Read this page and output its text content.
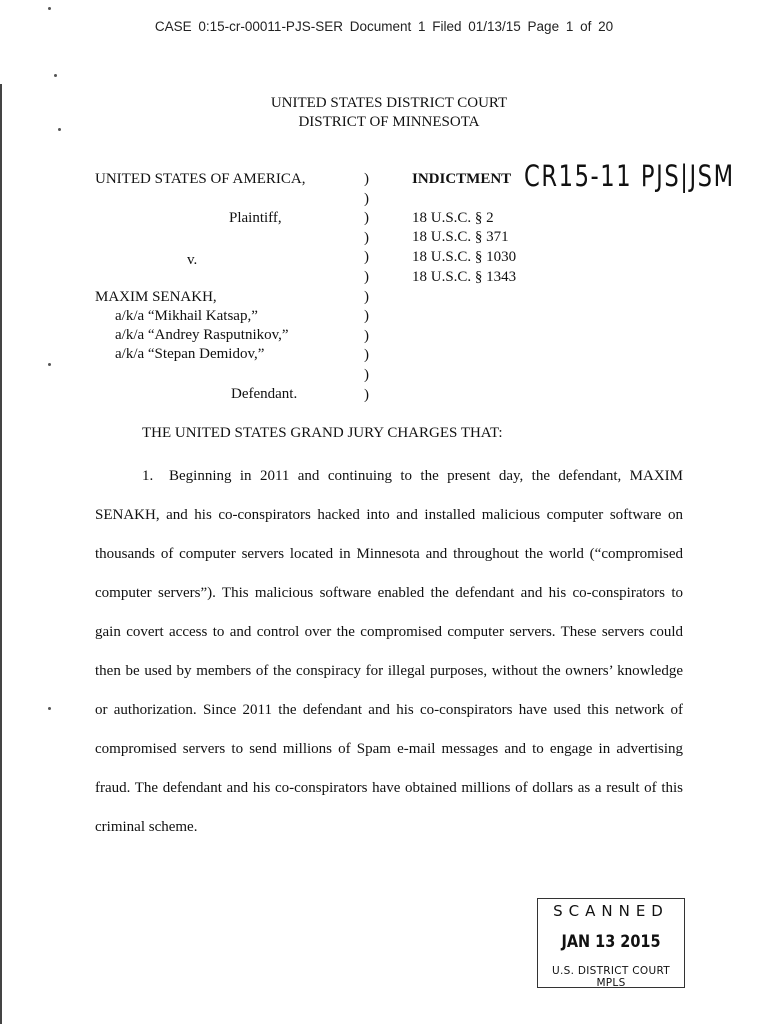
CASE 0:15-cr-00011-PJS-SER Document 1 Filed 01/13/15 Page 1 of 20
UNITED STATES DISTRICT COURT
DISTRICT OF MINNESOTA
UNITED STATES OF AMERICA,
Plaintiff,
v.
MAXIM SENAKH,
a/k/a “Mikhail Katsap,”
a/k/a “Andrey Rasputnikov,”
a/k/a “Stepan Demidov,”
Defendant.
)
)
)
)
)
)
)
)
)
)
)
)
INDICTMENT CR15-11 PJS|JSM
18 U.S.C. § 2
18 U.S.C. § 371
18 U.S.C. § 1030
18 U.S.C. § 1343
THE UNITED STATES GRAND JURY CHARGES THAT:
1. Beginning in 2011 and continuing to the present day, the defendant, MAXIM SENAKH, and his co-conspirators hacked into and installed malicious computer software on thousands of computer servers located in Minnesota and throughout the world (“compromised computer servers”). This malicious software enabled the defendant and his co-conspirators to gain covert access to and control over the compromised computer servers. These servers could then be used by members of the conspiracy for illegal purposes, without the owners’ knowledge or authorization. Since 2011 the defendant and his co-conspirators have used this network of compromised servers to send millions of Spam e-mail messages and to engage in advertising fraud. The defendant and his co-conspirators have obtained millions of dollars as a result of this criminal scheme.
SCANNED
JAN 13 2015
U.S. DISTRICT COURT MPLS
